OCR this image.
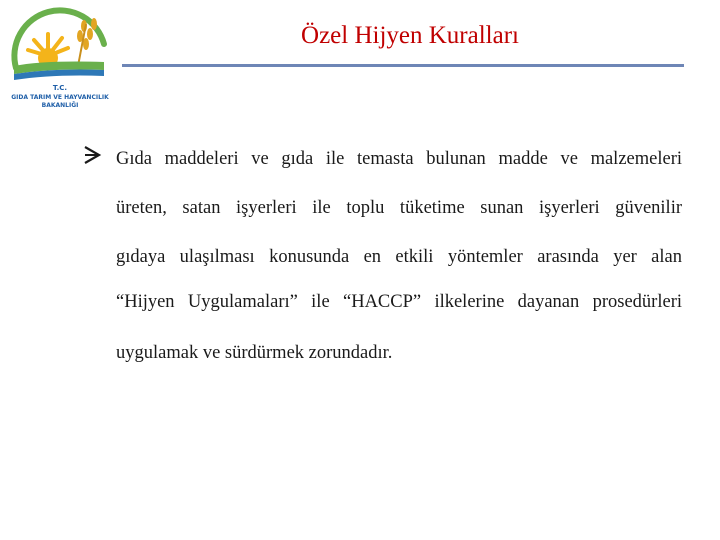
T.C.
GIDA TARIM VE HAYVANCILIK
BAKANLIĞI
Özel Hijyen Kuralları
Gıda maddeleri ve gıda ile temasta bulunan madde ve malzemeleri
üreten, satan işyerleri ile toplu tüketime sunan işyerleri güvenilir
gıdaya ulaşılması konusunda en etkili yöntemler arasında yer alan
“Hijyen Uygulamaları” ile “HACCP” ilkelerine dayanan prosedürleri
uygulamak ve sürdürmek zorundadır.
